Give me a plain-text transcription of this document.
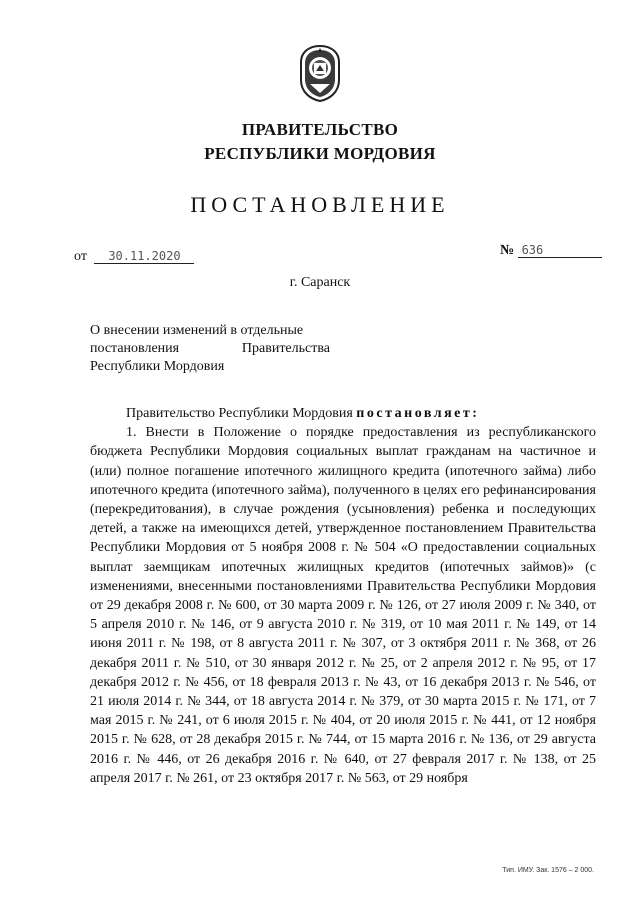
ПРАВИТЕЛЬСТВО
РЕСПУБЛИКИ МОРДОВИЯ
ПОСТАНОВЛЕНИЕ
от 30.11.2020	№ 636
г. Саранск
О внесении изменений в отдельные
постановления	Правительства
Республики Мордовия

Правительство Республики Мордовия постановляет:

1. Внести в Положение о порядке предоставления из республиканского бюджета Республики Мордовия социальных выплат гражданам на частичное и (или) полное погашение ипотечного жилищного кредита (ипотечного займа) либо ипотечного кредита (ипотечного займа), полученного в целях его рефинансирования (перекредитования), в случае рождения (усыновления) ребенка и последующих детей, а также на имеющихся детей, утвержденное постановлением Правительства Республики Мордовия от 5 ноября 2008 г. № 504 «О предоставлении социальных выплат заемщикам ипотечных жилищных кредитов (ипотечных займов)» (с изменениями, внесенными постановлениями Правительства Республики Мордовия от 29 декабря 2008 г. № 600, от 30 марта 2009 г. № 126, от 27 июля 2009 г. № 340, от 5 апреля 2010 г. № 146, от 9 августа 2010 г. № 319, от 10 мая 2011 г. № 149, от 14 июня 2011 г. № 198, от 8 августа 2011 г. № 307, от 3 октября 2011 г. № 368, от 26 декабря 2011 г. № 510, от 30 января 2012 г. № 25, от 2 апреля 2012 г. № 95, от 17 декабря 2012 г. № 456, от 18 февраля 2013 г. № 43, от 16 декабря 2013 г. № 546, от 21 июля 2014 г. № 344, от 18 августа 2014 г. № 379, от 30 марта 2015 г. № 171, от 7 мая 2015 г. № 241, от 6 июля 2015 г. № 404, от 20 июля 2015 г. № 441, от 12 ноября 2015 г. № 628, от 28 декабря 2015 г. № 744, от 15 марта 2016 г. № 136, от 29 августа 2016 г. № 446, от 26 декабря 2016 г. № 640, от 27 февраля 2017 г. № 138, от 25 апреля 2017 г. № 261, от 23 октября 2017 г. № 563, от 29 ноября

Тип. ИМУ. Зак. 1576 – 2 000.
